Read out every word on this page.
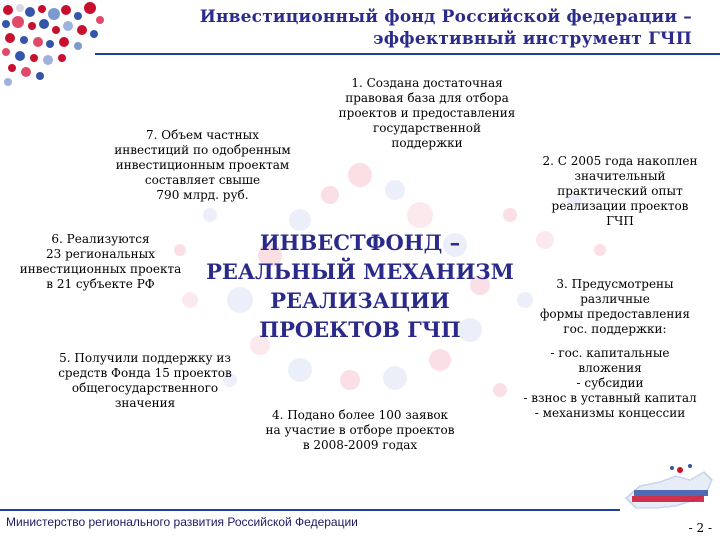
Инвестиционный фонд Российской федерации –
эффективный инструмент ГЧП
1. Создана достаточная
правовая база для отбора
проектов и предоставления
государственной
поддержки
2. С 2005 года накоплен
значительный
практический опыт
реализации проектов
ГЧП
3. Предусмотрены
различные
формы предоставления
гос. поддержки:
- гос. капитальные
вложения
- субсидии
- взнос в уставный капитал
- механизмы концессии
4. Подано более 100 заявок
на участие в отборе проектов
в 2008-2009 годах
5. Получили поддержку из
средств Фонда 15 проектов
общегосударственного
значения
6. Реализуются
23 региональных
инвестиционных проекта
в 21 субъекте РФ
7. Объем частных
инвестиций по одобренным
инвестиционным проектам
составляет свыше
790 млрд. руб.
ИНВЕСТФОНД –
РЕАЛЬНЫЙ МЕХАНИЗМ
РЕАЛИЗАЦИИ
ПРОЕКТОВ ГЧП
Министерство регионального развития Российской Федерации	- 2 -
